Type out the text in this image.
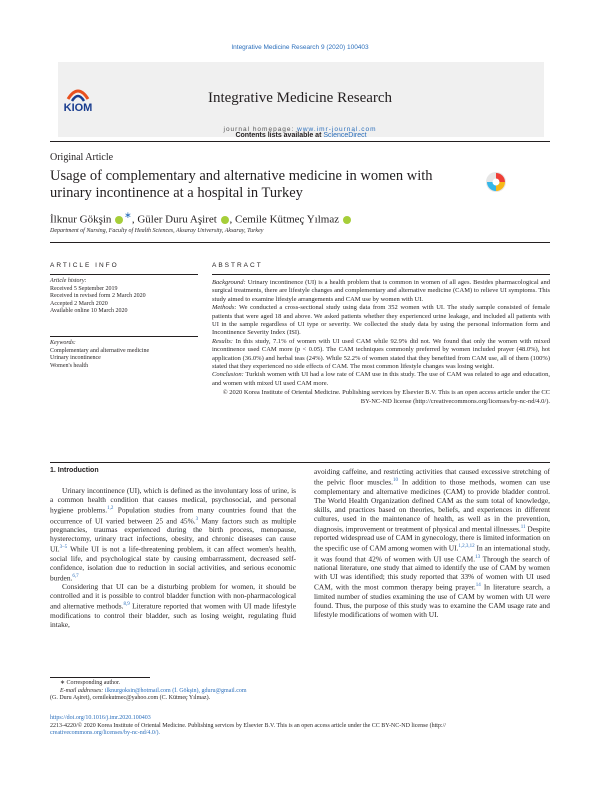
Integrative Medicine Research 9 (2020) 100403
Contents lists available at ScienceDirect
KIOM
Integrative Medicine Research
journal homepage: www.imr-journal.com
Original Article
Usage of complementary and alternative medicine in women with urinary incontinence at a hospital in Turkey
İlknur Gökşin ∗, Güler Duru Aşiret , Cemile Kütmeç Yılmaz
Department of Nursing, Faculty of Health Sciences, Aksaray University, Aksaray, Turkey
ARTICLE INFO
Article history:
Received 5 September 2019
Received in revised form 2 March 2020
Accepted 2 March 2020
Available online 10 March 2020
Keywords:
Complementary and alternative medicine
Urinary incontinence
Women's health
ABSTRACT

Background: Urinary incontinence (UI) is a health problem that is common in women of all ages. Besides pharmacological and surgical treatments, there are lifestyle changes and complementary and alternative medicine (CAM) to relieve UI symptoms. This study aimed to examine lifestyle arrangements and CAM use by women with UI.

Methods: We conducted a cross-sectional study using data from 352 women with UI. The study sample consisted of female patients that were aged 18 and above. We asked patients whether they experienced urine leakage, and included all patients with UI in the sample regardless of UI type or severity. We collected the study data by using the personal information form and Incontinence Severity Index (ISI).

Results: In this study, 7.1% of women with UI used CAM while 92.9% did not. We found that only the women with mixed incontinence used CAM more (p < 0.05). The CAM techniques commonly preferred by women included prayer (48.0%), hot application (36.0%) and herbal teas (24%). While 52.2% of women stated that they benefited from CAM use, all of them (100%) stated that they experienced no side effects of CAM. The most common lifestyle changes was losing weight.

Conclusion: Turkish women with UI had a low rate of CAM use in this study. The use of CAM was related to age and education, and women with mixed UI used CAM more.

© 2020 Korea Institute of Oriental Medicine. Publishing services by Elsevier B.V. This is an open access article under the CC BY-NC-ND license (http://creativecommons.org/licenses/by-nc-nd/4.0/).

1. Introduction

Urinary incontinence (UI), which is defined as the involuntary loss of urine, is a common health condition that causes medical, psychosocial, and personal hygiene problems.$^{1,2}$ Population studies from many countries found that the occurrence of UI varied between 25 and 45%.$^3$ Many factors such as multiple pregnancies, traumas experienced during the birth process, menopause, hysterectomy, urinary tract infections, obesity, and chronic diseases can cause UI.$^{3-5}$ While UI is not a life-threatening problem, it can affect women's health, social life, and psychological state by causing embarrassment, decreased self-confidence, isolation due to reduction in social activities, and serious economic burden.$^{6,7}$

Considering that UI can be a disturbing problem for women, it should be controlled and it is possible to control bladder function with non-pharmacological and alternative methods.$^{8,9}$ Literature reported that women with UI made lifestyle modifications to control their bladder, such as losing weight, regulating fluid intake,

avoiding caffeine, and restricting activities that caused excessive stretching of the pelvic floor muscles.$^{10}$ In addition to those methods, women can use complementary and alternative medicines (CAM) to provide bladder control. The World Health Organization defined CAM as the sum total of knowledge, skills, and practices based on theories, beliefs, and experiences in different cultures, used in the maintenance of health, as well as in the prevention, diagnosis, improvement or treatment of physical and mental illnesses.$^{11}$ Despite reported widespread use of CAM in gynecology, there is limited information on the specific use of CAM among women with UI.$^{1,2,3,12}$ In an international study, it was found that 42% of women with UI use CAM.$^{13}$ Through the search of national literature, one study that aimed to identify the use of CAM by women with UI was identified; this study reported that 33% of women with UI used CAM, with the most common therapy being prayer.$^{14}$ In literature search, a limited number of studies examining the use of CAM by women with UI were found. Thus, the purpose of this study was to examine the CAM usage rate and lifestyle modifications of women with UI.

∗ Corresponding author.

E-mail addresses: ilknurgoksin@hotmail.com (İ. Gökşin), gduru@gmail.com

(G. Duru Aşiret), cemilekutmec@yahoo.com (C. Kütmeç Yılmaz).

https://doi.org/10.1016/j.imr.2020.100403

2213-4220/© 2020 Korea Institute of Oriental Medicine. Publishing services by Elsevier B.V. This is an open access article under the CC BY-NC-ND license (http://

creativecommons.org/licenses/by-nc-nd/4.0/).
